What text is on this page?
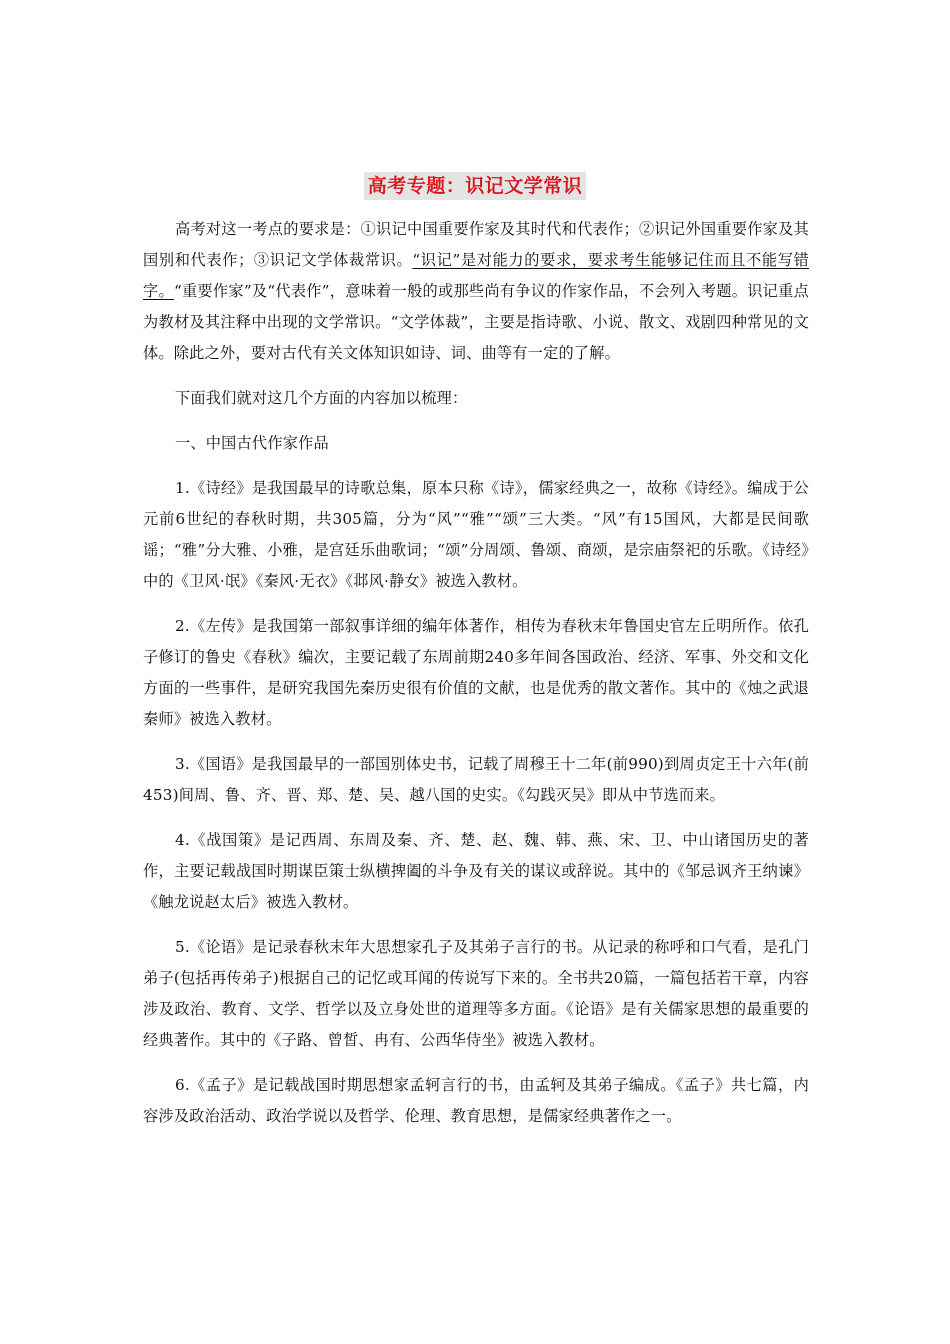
高考专题：识记文学常识

高考对这一考点的要求是：①识记中国重要作家及其时代和代表作；②识记外国重要作家及其国别和代表作；③识记文学体裁常识。“识记”是对能力的要求，要求考生能够记住而且不能写错字。“重要作家”及“代表作”，意味着一般的或那些尚有争议的作家作品，不会列入考题。识记重点为教材及其注释中出现的文学常识。“文学体裁”，主要是指诗歌、小说、散文、戏剧四种常见的文体。除此之外，要对古代有关文体知识如诗、词、曲等有一定的了解。

下面我们就对这几个方面的内容加以梳理：

一、中国古代作家作品

1.《诗经》是我国最早的诗歌总集，原本只称《诗》，儒家经典之一，故称《诗经》。编成于公元前6世纪的春秋时期，共305篇，分为“风”“雅”“颂”三大类。“风”有15国风，大都是民间歌谣；“雅”分大雅、小雅，是宫廷乐曲歌词；“颂”分周颂、鲁颂、商颂，是宗庙祭祀的乐歌。《诗经》中的《卫风·氓》《秦风·无衣》《邶风·静女》被选入教材。

2.《左传》是我国第一部叙事详细的编年体著作，相传为春秋末年鲁国史官左丘明所作。依孔子修订的鲁史《春秋》编次，主要记载了东周前期240多年间各国政治、经济、军事、外交和文化方面的一些事件，是研究我国先秦历史很有价值的文献，也是优秀的散文著作。其中的《烛之武退秦师》被选入教材。

3.《国语》是我国最早的一部国别体史书，记载了周穆王十二年(前990)到周贞定王十六年(前453)间周、鲁、齐、晋、郑、楚、吴、越八国的史实。《勾践灭吴》即从中节选而来。

4.《战国策》是记西周、东周及秦、齐、楚、赵、魏、韩、燕、宋、卫、中山诸国历史的著作，主要记载战国时期谋臣策士纵横捭阖的斗争及有关的谋议或辞说。其中的《邹忌讽齐王纳谏》《触龙说赵太后》被选入教材。

5.《论语》是记录春秋末年大思想家孔子及其弟子言行的书。从记录的称呼和口气看，是孔门弟子(包括再传弟子)根据自己的记忆或耳闻的传说写下来的。全书共20篇，一篇包括若干章，内容涉及政治、教育、文学、哲学以及立身处世的道理等多方面。《论语》是有关儒家思想的最重要的经典著作。其中的《子路、曾皙、冉有、公西华侍坐》被选入教材。

6.《孟子》是记载战国时期思想家孟轲言行的书，由孟轲及其弟子编成。《孟子》共七篇，内容涉及政治活动、政治学说以及哲学、伦理、教育思想，是儒家经典著作之一。
